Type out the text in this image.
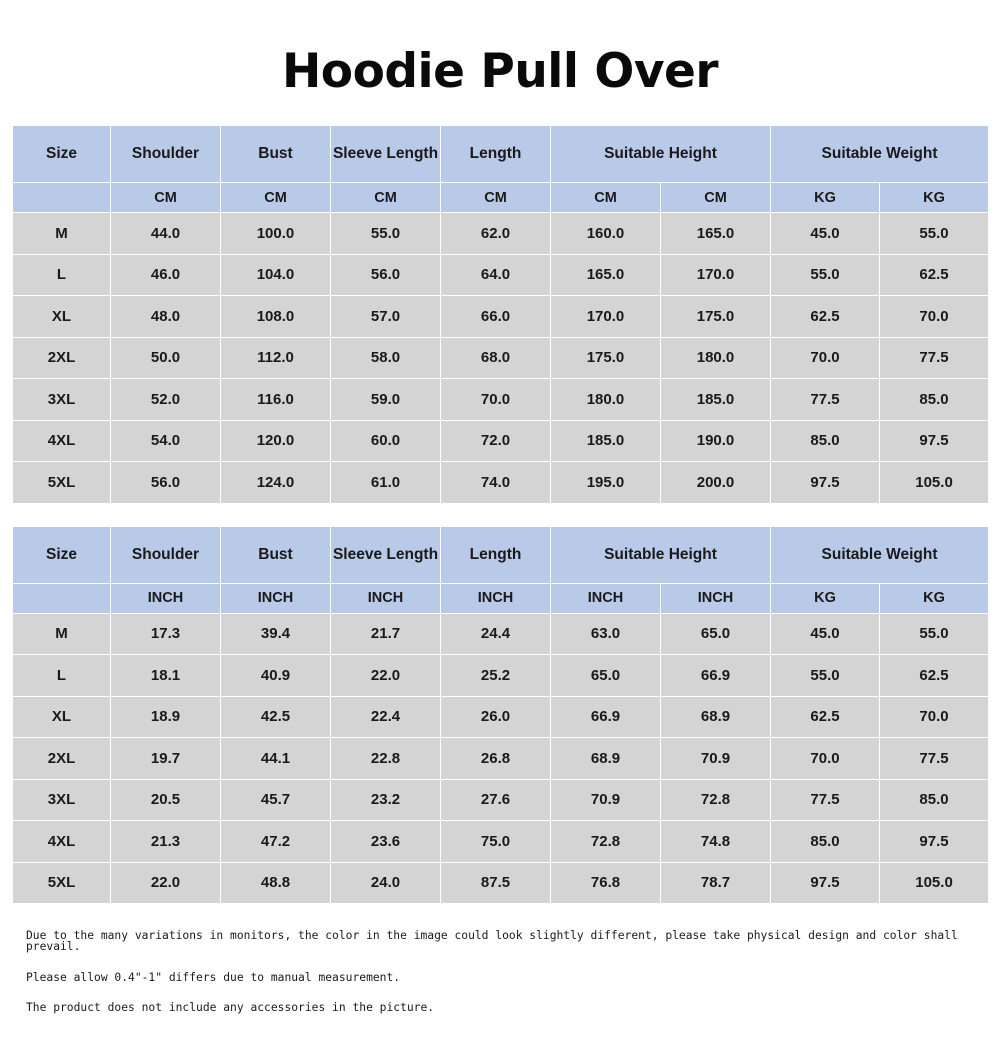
Hoodie Pull Over
Size	Shoulder	Bust	Sleeve Length	Length	Suitable Height		Suitable Weight	
	CM	CM	CM	CM	CM	CM	KG	KG
M	44.0	100.0	55.0	62.0	160.0	165.0	45.0	55.0
L	46.0	104.0	56.0	64.0	165.0	170.0	55.0	62.5
XL	48.0	108.0	57.0	66.0	170.0	175.0	62.5	70.0
2XL	50.0	112.0	58.0	68.0	175.0	180.0	70.0	77.5
3XL	52.0	116.0	59.0	70.0	180.0	185.0	77.5	85.0
4XL	54.0	120.0	60.0	72.0	185.0	190.0	85.0	97.5
5XL	56.0	124.0	61.0	74.0	195.0	200.0	97.5	105.0
Size	Shoulder	Bust	Sleeve Length	Length	Suitable Height		Suitable Weight	
	INCH	INCH	INCH	INCH	INCH	INCH	KG	KG
M	17.3	39.4	21.7	24.4	63.0	65.0	45.0	55.0
L	18.1	40.9	22.0	25.2	65.0	66.9	55.0	62.5
XL	18.9	42.5	22.4	26.0	66.9	68.9	62.5	70.0
2XL	19.7	44.1	22.8	26.8	68.9	70.9	70.0	77.5
3XL	20.5	45.7	23.2	27.6	70.9	72.8	77.5	85.0
4XL	21.3	47.2	23.6	75.0	72.8	74.8	85.0	97.5
5XL	22.0	48.8	24.0	87.5	76.8	78.7	97.5	105.0

Due to the many variations in monitors, the color in the image could look slightly different, please take physical design and color shall prevail.

Please allow 0.4"-1" differs due to manual measurement.

The product does not include any accessories in the picture.
